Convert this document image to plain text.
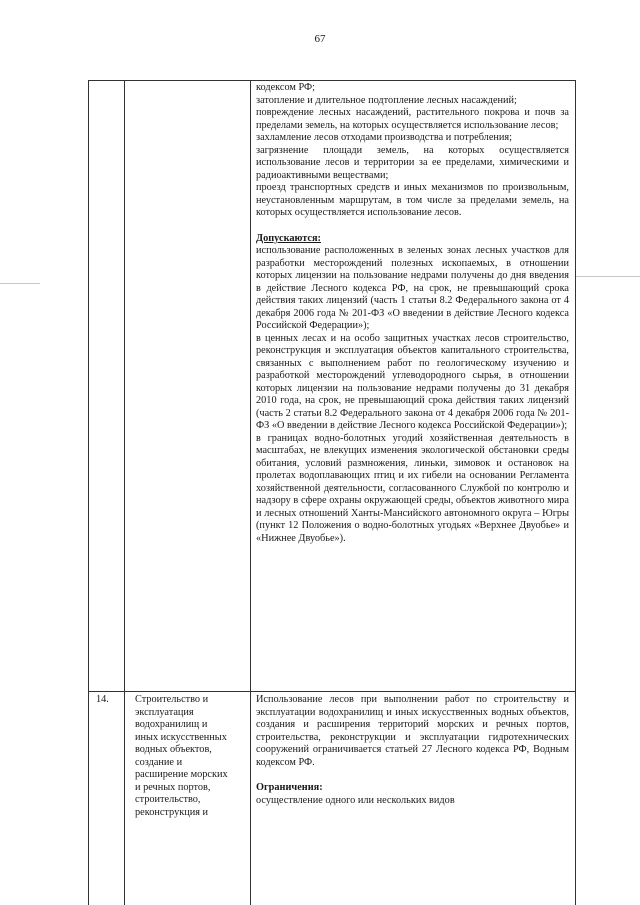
67

кодексом РФ;

затопление и длительное подтопление лесных насаждений;

повреждение лесных насаждений, растительного покрова и почв за пределами земель, на которых осуществляется использование лесов;

захламление лесов отходами производства и потребления;

загрязнение площади земель, на которых осуществляется использование лесов и территории за ее пределами, химическими и радиоактивными веществами;

проезд транспортных средств и иных механизмов по произвольным, неустановленным маршрутам, в том числе за пределами земель, на которых осуществляется использование лесов.

Допускаются:

использование расположенных в зеленых зонах лесных участков для разработки месторождений полезных ископаемых, в отношении которых лицензии на пользование недрами получены до дня введения в действие Лесного кодекса РФ, на срок, не превышающий срока действия таких лицензий (часть 1 статьи 8.2 Федерального закона от 4 декабря 2006 года № 201-ФЗ «О введении в действие Лесного кодекса Российской Федерации»);

в ценных лесах и на особо защитных участках лесов строительство, реконструкция и эксплуатация объектов капитального строительства, связанных с выполнением работ по геологическому изучению и разработкой месторождений углеводородного сырья, в отношении которых лицензии на пользование недрами получены до 31 декабря 2010 года, на срок, не превышающий срока действия таких лицензий (часть 2 статьи 8.2 Федерального закона от 4 декабря 2006 года № 201-ФЗ «О введении в действие Лесного кодекса Российской Федерации»);

в границах водно-болотных угодий хозяйственная деятельность в масштабах, не влекущих изменения экологической обстановки среды обитания, условий размножения, линьки, зимовок и остановок на пролетах водоплавающих птиц и их гибели на основании Регламента хозяйственной деятельности, согласованного Службой по контролю и надзору в сфере охраны окружающей среды, объектов животного мира и лесных отношений Ханты-Мансийского автономного округа – Югры (пункт 12 Положения о водно-болотных угодьях «Верхнее Двуобье» и «Нижнее Двуобье»).

14.	Строительство и

эксплуатация

водохранилищ и

иных искусственных

водных объектов,

создание и

расширение морских

и речных портов,

строительство,

реконструкция и

Использование лесов при выполнении работ по строительству и эксплуатации водохранилищ и иных искусственных водных объектов, создания и расширения территорий морских и речных портов, строительства, реконструкции и эксплуатации гидротехнических сооружений ограничивается статьей 27 Лесного кодекса РФ, Водным кодексом РФ.

Ограничения:

осуществление одного или нескольких видов
